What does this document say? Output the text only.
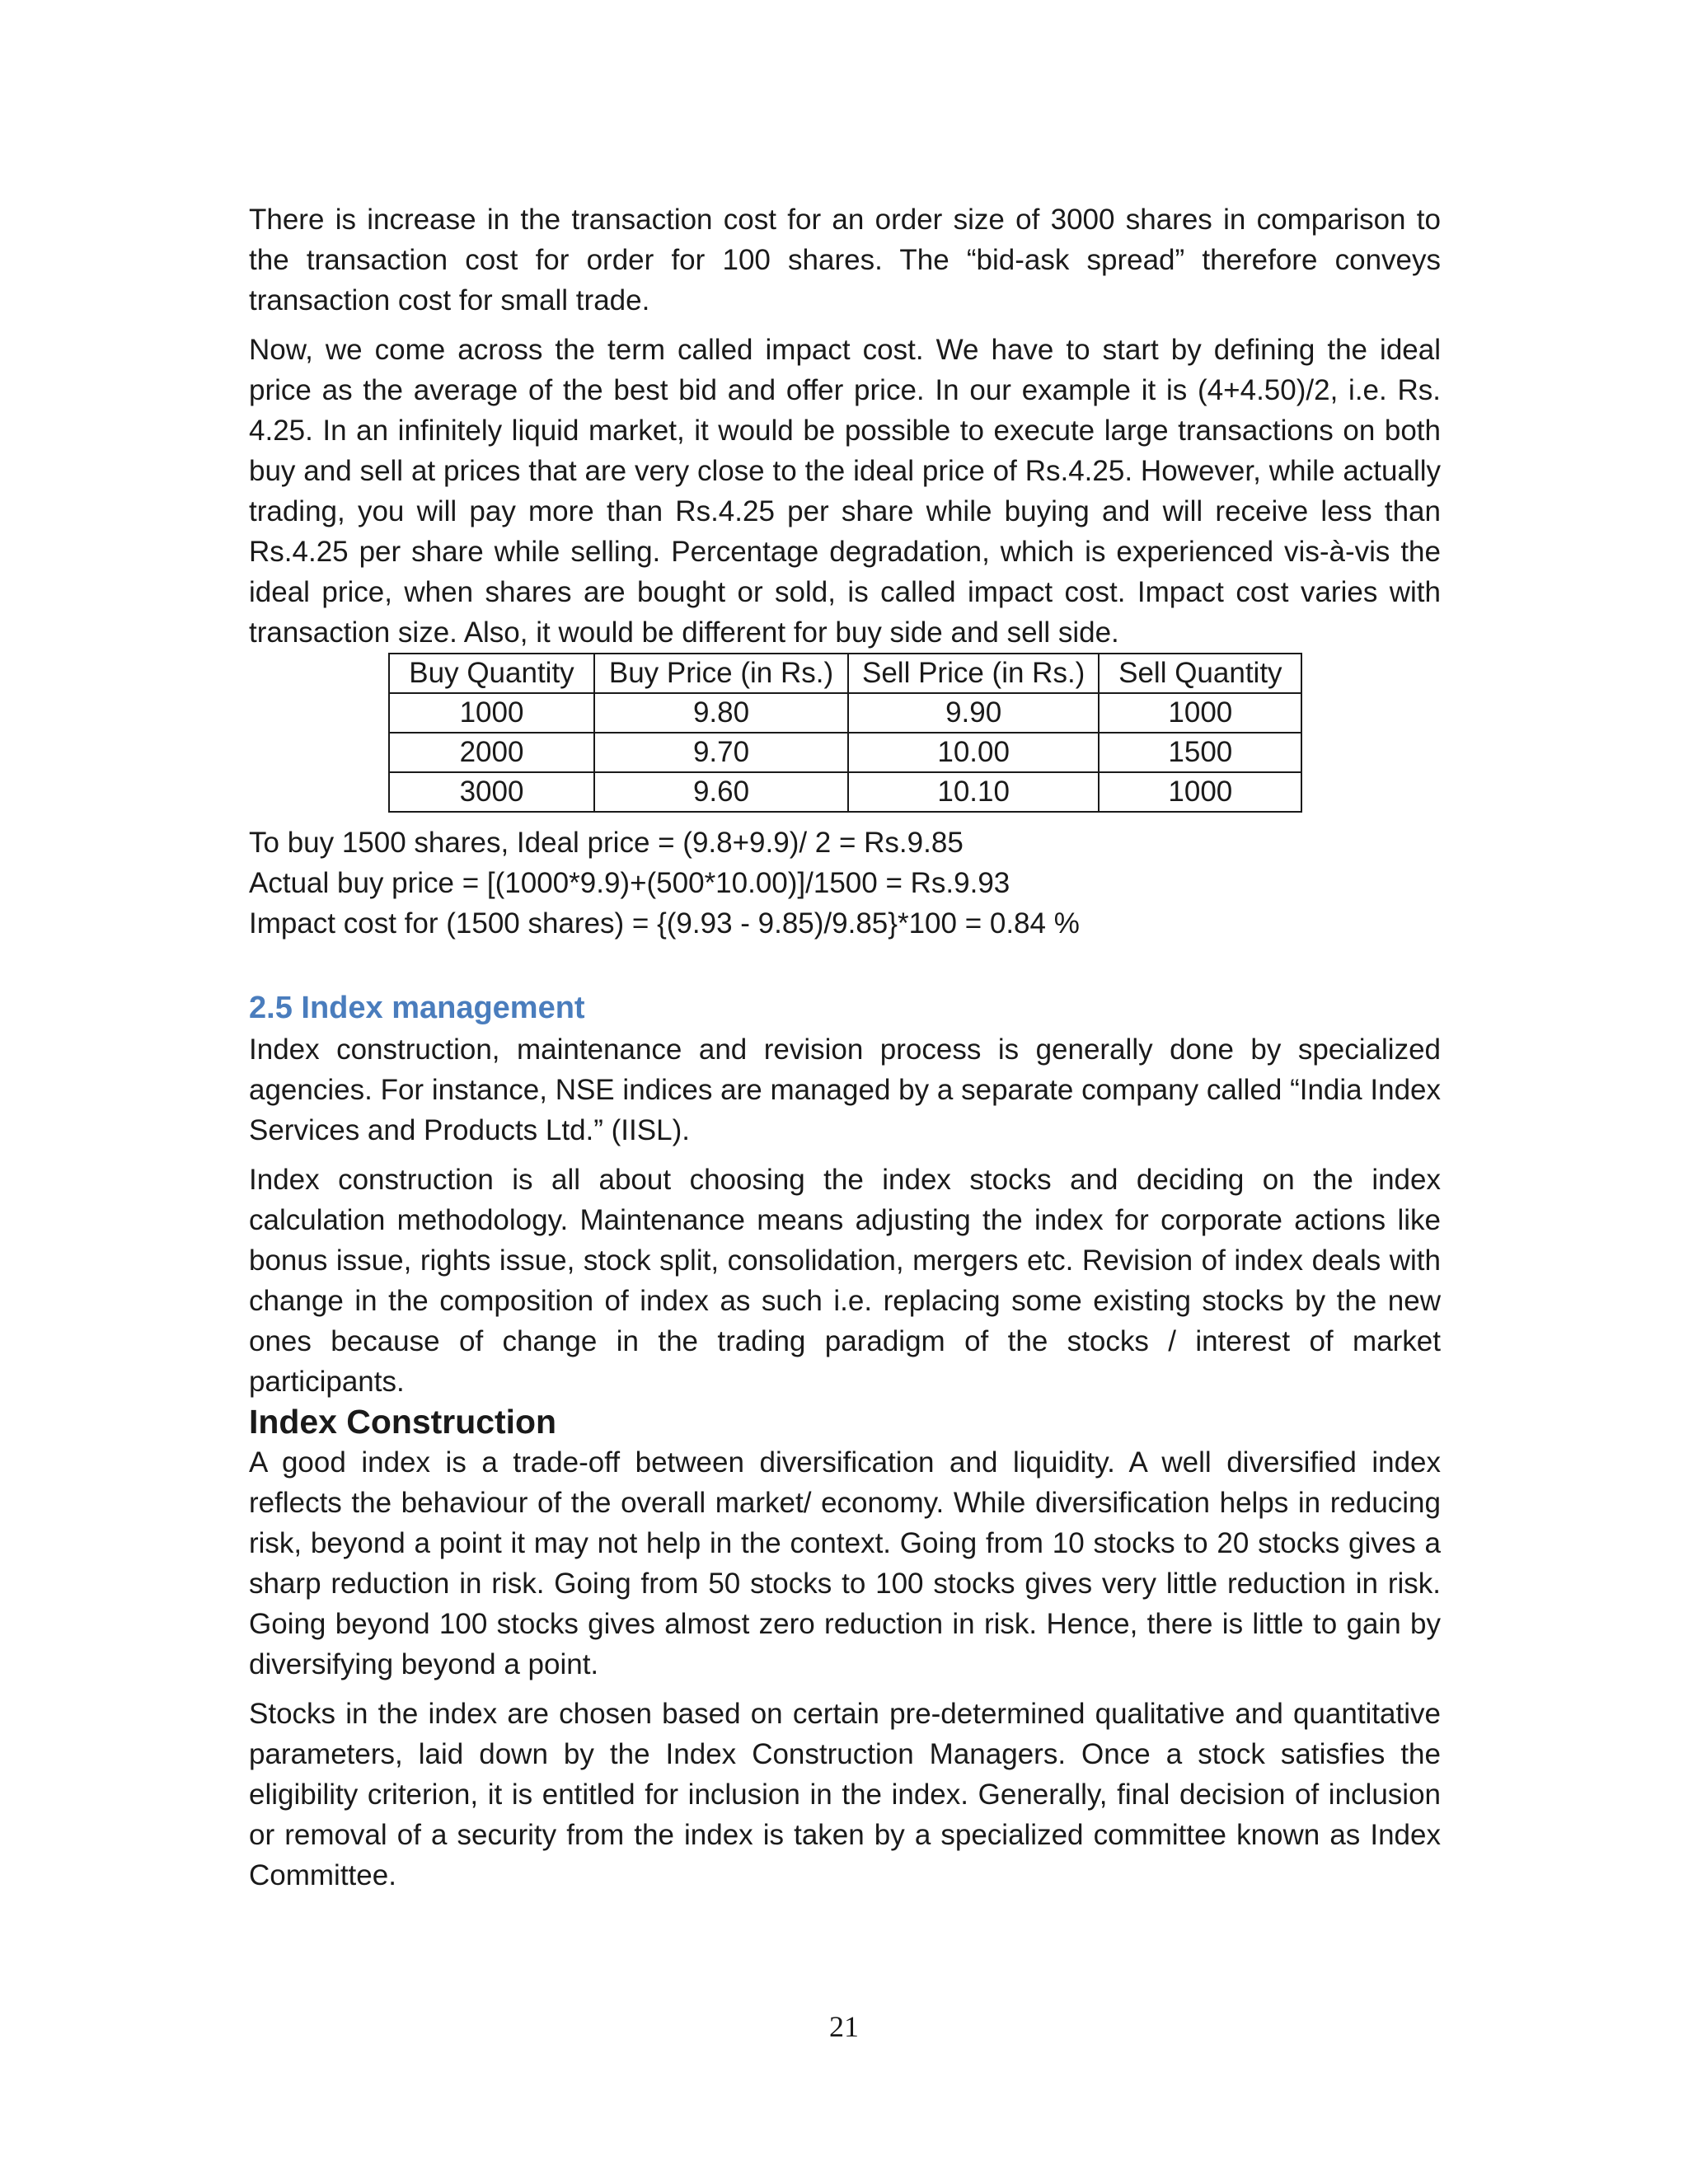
There is increase in the transaction cost for an order size of 3000 shares in comparison to the transaction cost for order for 100 shares. The “bid-ask spread” therefore conveys transaction cost for small trade.

Now, we come across the term called impact cost. We have to start by defining the ideal price as the average of the best bid and offer price. In our example it is (4+4.50)/2, i.e. Rs. 4.25. In an infinitely liquid market, it would be possible to execute large transactions on both buy and sell at prices that are very close to the ideal price of Rs.4.25. However, while actually trading, you will pay more than Rs.4.25 per share while buying and will receive less than Rs.4.25 per share while selling. Percentage degradation, which is experienced vis-à-vis the ideal price, when shares are bought or sold, is called impact cost. Impact cost varies with transaction size. Also, it would be different for buy side and sell side.

Buy Quantity	Buy Price (in Rs.)	Sell Price (in Rs.)	Sell Quantity
1000	9.80	9.90	1000
2000	9.70	10.00	1500
3000	9.60	10.10	1000

To buy 1500 shares, Ideal price = (9.8+9.9)/ 2 = Rs.9.85

Actual buy price = [(1000*9.9)+(500*10.00)]/1500 = Rs.9.93

Impact cost for (1500 shares) = {(9.93 - 9.85)/9.85}*100 = 0.84 %

2.5 Index management

Index construction, maintenance and revision process is generally done by specialized agencies. For instance, NSE indices are managed by a separate company called “India Index Services and Products Ltd.” (IISL).

Index construction is all about choosing the index stocks and deciding on the index calculation methodology. Maintenance means adjusting the index for corporate actions like bonus issue, rights issue, stock split, consolidation, mergers etc. Revision of index deals with change in the composition of index as such i.e. replacing some existing stocks by the new ones because of change in the trading paradigm of the stocks / interest of market participants.

Index Construction

A good index is a trade-off between diversification and liquidity. A well diversified index reflects the behaviour of the overall market/ economy. While diversification helps in reducing risk, beyond a point it may not help in the context. Going from 10 stocks to 20 stocks gives a sharp reduction in risk. Going from 50 stocks to 100 stocks gives very little reduction in risk. Going beyond 100 stocks gives almost zero reduction in risk. Hence, there is little to gain by diversifying beyond a point.

Stocks in the index are chosen based on certain pre-determined qualitative and quantitative parameters, laid down by the Index Construction Managers. Once a stock satisfies the eligibility criterion, it is entitled for inclusion in the index. Generally, final decision of inclusion or removal of a security from the index is taken by a specialized committee known as Index Committee.

21
